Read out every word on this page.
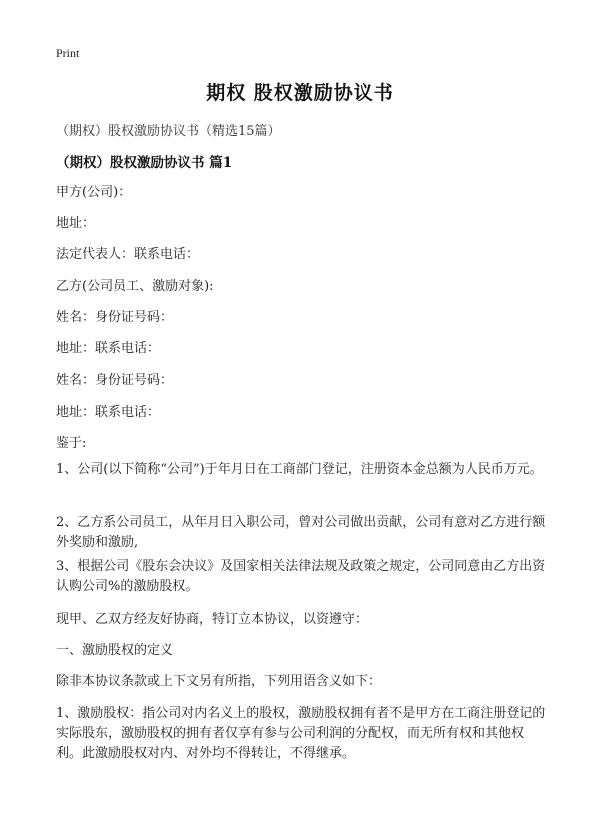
Print
期权 股权激励协议书
（期权）股权激励协议书（精选15篇）
（期权）股权激励协议书 篇1
甲方(公司)：
地址：
法定代表人：联系电话：
乙方(公司员工、激励对象):
姓名：身份证号码：
地址：联系电话：
姓名：身份证号码：
地址：联系电话：
鉴于:
1、公司(以下简称“公司”)于年月日在工商部门登记，注册资本金总额为人民币万元。
2、乙方系公司员工，从年月日入职公司，曾对公司做出贡献，公司有意对乙方进行额外奖励和激励,
3、根据公司《股东会决议》及国家相关法律法规及政策之规定，公司同意由乙方出资认购公司%的激励股权。
现甲、乙双方经友好协商，特订立本协议，以资遵守：
一、激励股权的定义
除非本协议条款或上下文另有所指，下列用语含义如下：
1、激励股权：指公司对内名义上的股权，激励股权拥有者不是甲方在工商注册登记的实际股东，激励股权的拥有者仅享有参与公司利润的分配权，而无所有权和其他权利。此激励股权对内、对外均不得转让，不得继承。
